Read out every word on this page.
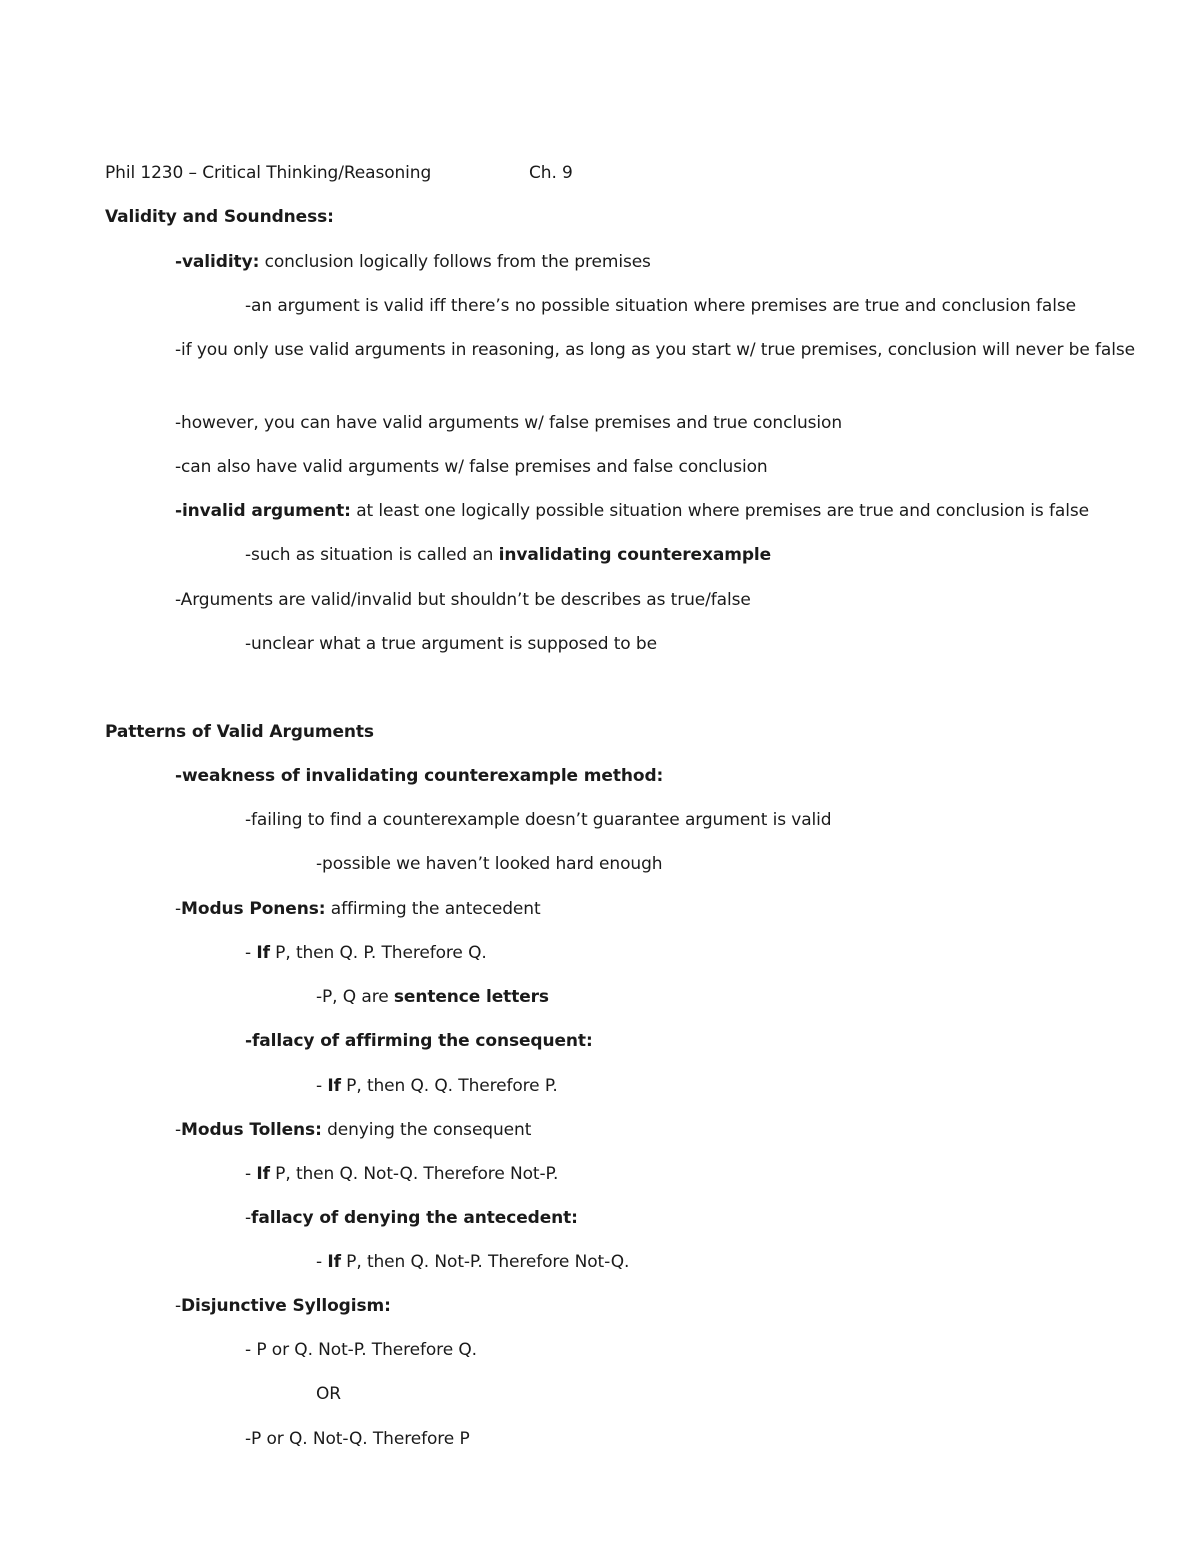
Phil 1230 – Critical Thinking/Reasoning	Ch. 9
Validity and Soundness:
-validity: conclusion logically follows from the premises
-an argument is valid iff there’s no possible situation where premises are true and conclusion false
-if you only use valid arguments in reasoning, as long as you start w/ true premises, conclusion will never be false
-however, you can have valid arguments w/ false premises and true conclusion
-can also have valid arguments w/ false premises and false conclusion
-invalid argument: at least one logically possible situation where premises are true and conclusion is false
-such as situation is called an invalidating counterexample
-Arguments are valid/invalid but shouldn’t be describes as true/false
-unclear what a true argument is supposed to be
Patterns of Valid Arguments
-weakness of invalidating counterexample method:
-failing to find a counterexample doesn’t guarantee argument is valid
-possible we haven’t looked hard enough
-Modus Ponens: affirming the antecedent
- If P, then Q. P. Therefore Q.
-P, Q are sentence letters
-fallacy of affirming the consequent:
- If P, then Q. Q. Therefore P.
-Modus Tollens: denying the consequent
- If P, then Q. Not-Q. Therefore Not-P.
-fallacy of denying the antecedent:
- If P, then Q. Not-P. Therefore Not-Q.
-Disjunctive Syllogism:
- P or Q. Not-P. Therefore Q.
OR
-P or Q. Not-Q. Therefore P
